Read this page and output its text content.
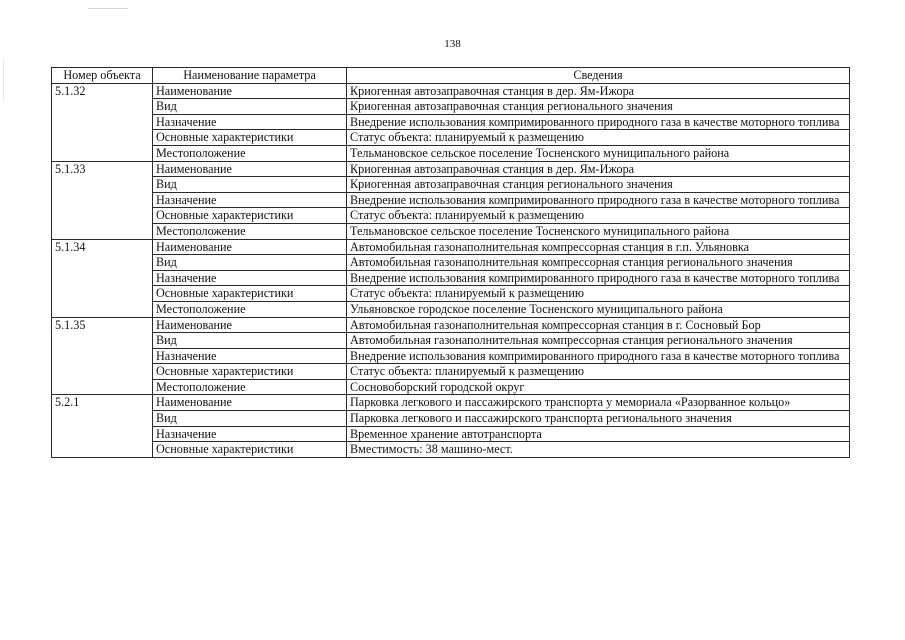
138
Номер объекта	Наименование параметра	Сведения
5.1.32	Наименование	Криогенная автозаправочная станция в дер. Ям-Ижора
	Вид	Криогенная автозаправочная станция регионального значения
	Назначение	Внедрение использования компримированного природного газа в качестве моторного топлива
	Основные характеристики	Статус объекта: планируемый к размещению
	Местоположение	Тельмановское сельское поселение Тосненского муниципального района
5.1.33	Наименование	Криогенная автозаправочная станция в дер. Ям-Ижора
	Вид	Криогенная автозаправочная станция регионального значения
	Назначение	Внедрение использования компримированного природного газа в качестве моторного топлива
	Основные характеристики	Статус объекта: планируемый к размещению
	Местоположение	Тельмановское сельское поселение Тосненского муниципального района
5.1.34	Наименование	Автомобильная газонаполнительная компрессорная станция в г.п. Ульяновка
	Вид	Автомобильная газонаполнительная компрессорная станция регионального значения
	Назначение	Внедрение использования компримированного природного газа в качестве моторного топлива
	Основные характеристики	Статус объекта: планируемый к размещению
	Местоположение	Ульяновское городское поселение Тосненского муниципального района
5.1.35	Наименование	Автомобильная газонаполнительная компрессорная станция в г. Сосновый Бор
	Вид	Автомобильная газонаполнительная компрессорная станция регионального значения
	Назначение	Внедрение использования компримированного природного газа в качестве моторного топлива
	Основные характеристики	Статус объекта: планируемый к размещению
	Местоположение	Сосновоборский городской округ
5.2.1	Наименование	Парковка легкового и пассажирского транспорта у мемориала «Разорванное кольцо»
	Вид	Парковка легкового и пассажирского транспорта регионального значения
	Назначение	Временное хранение автотранспорта
	Основные характеристики	Вместимость: 38 машино-мест.
